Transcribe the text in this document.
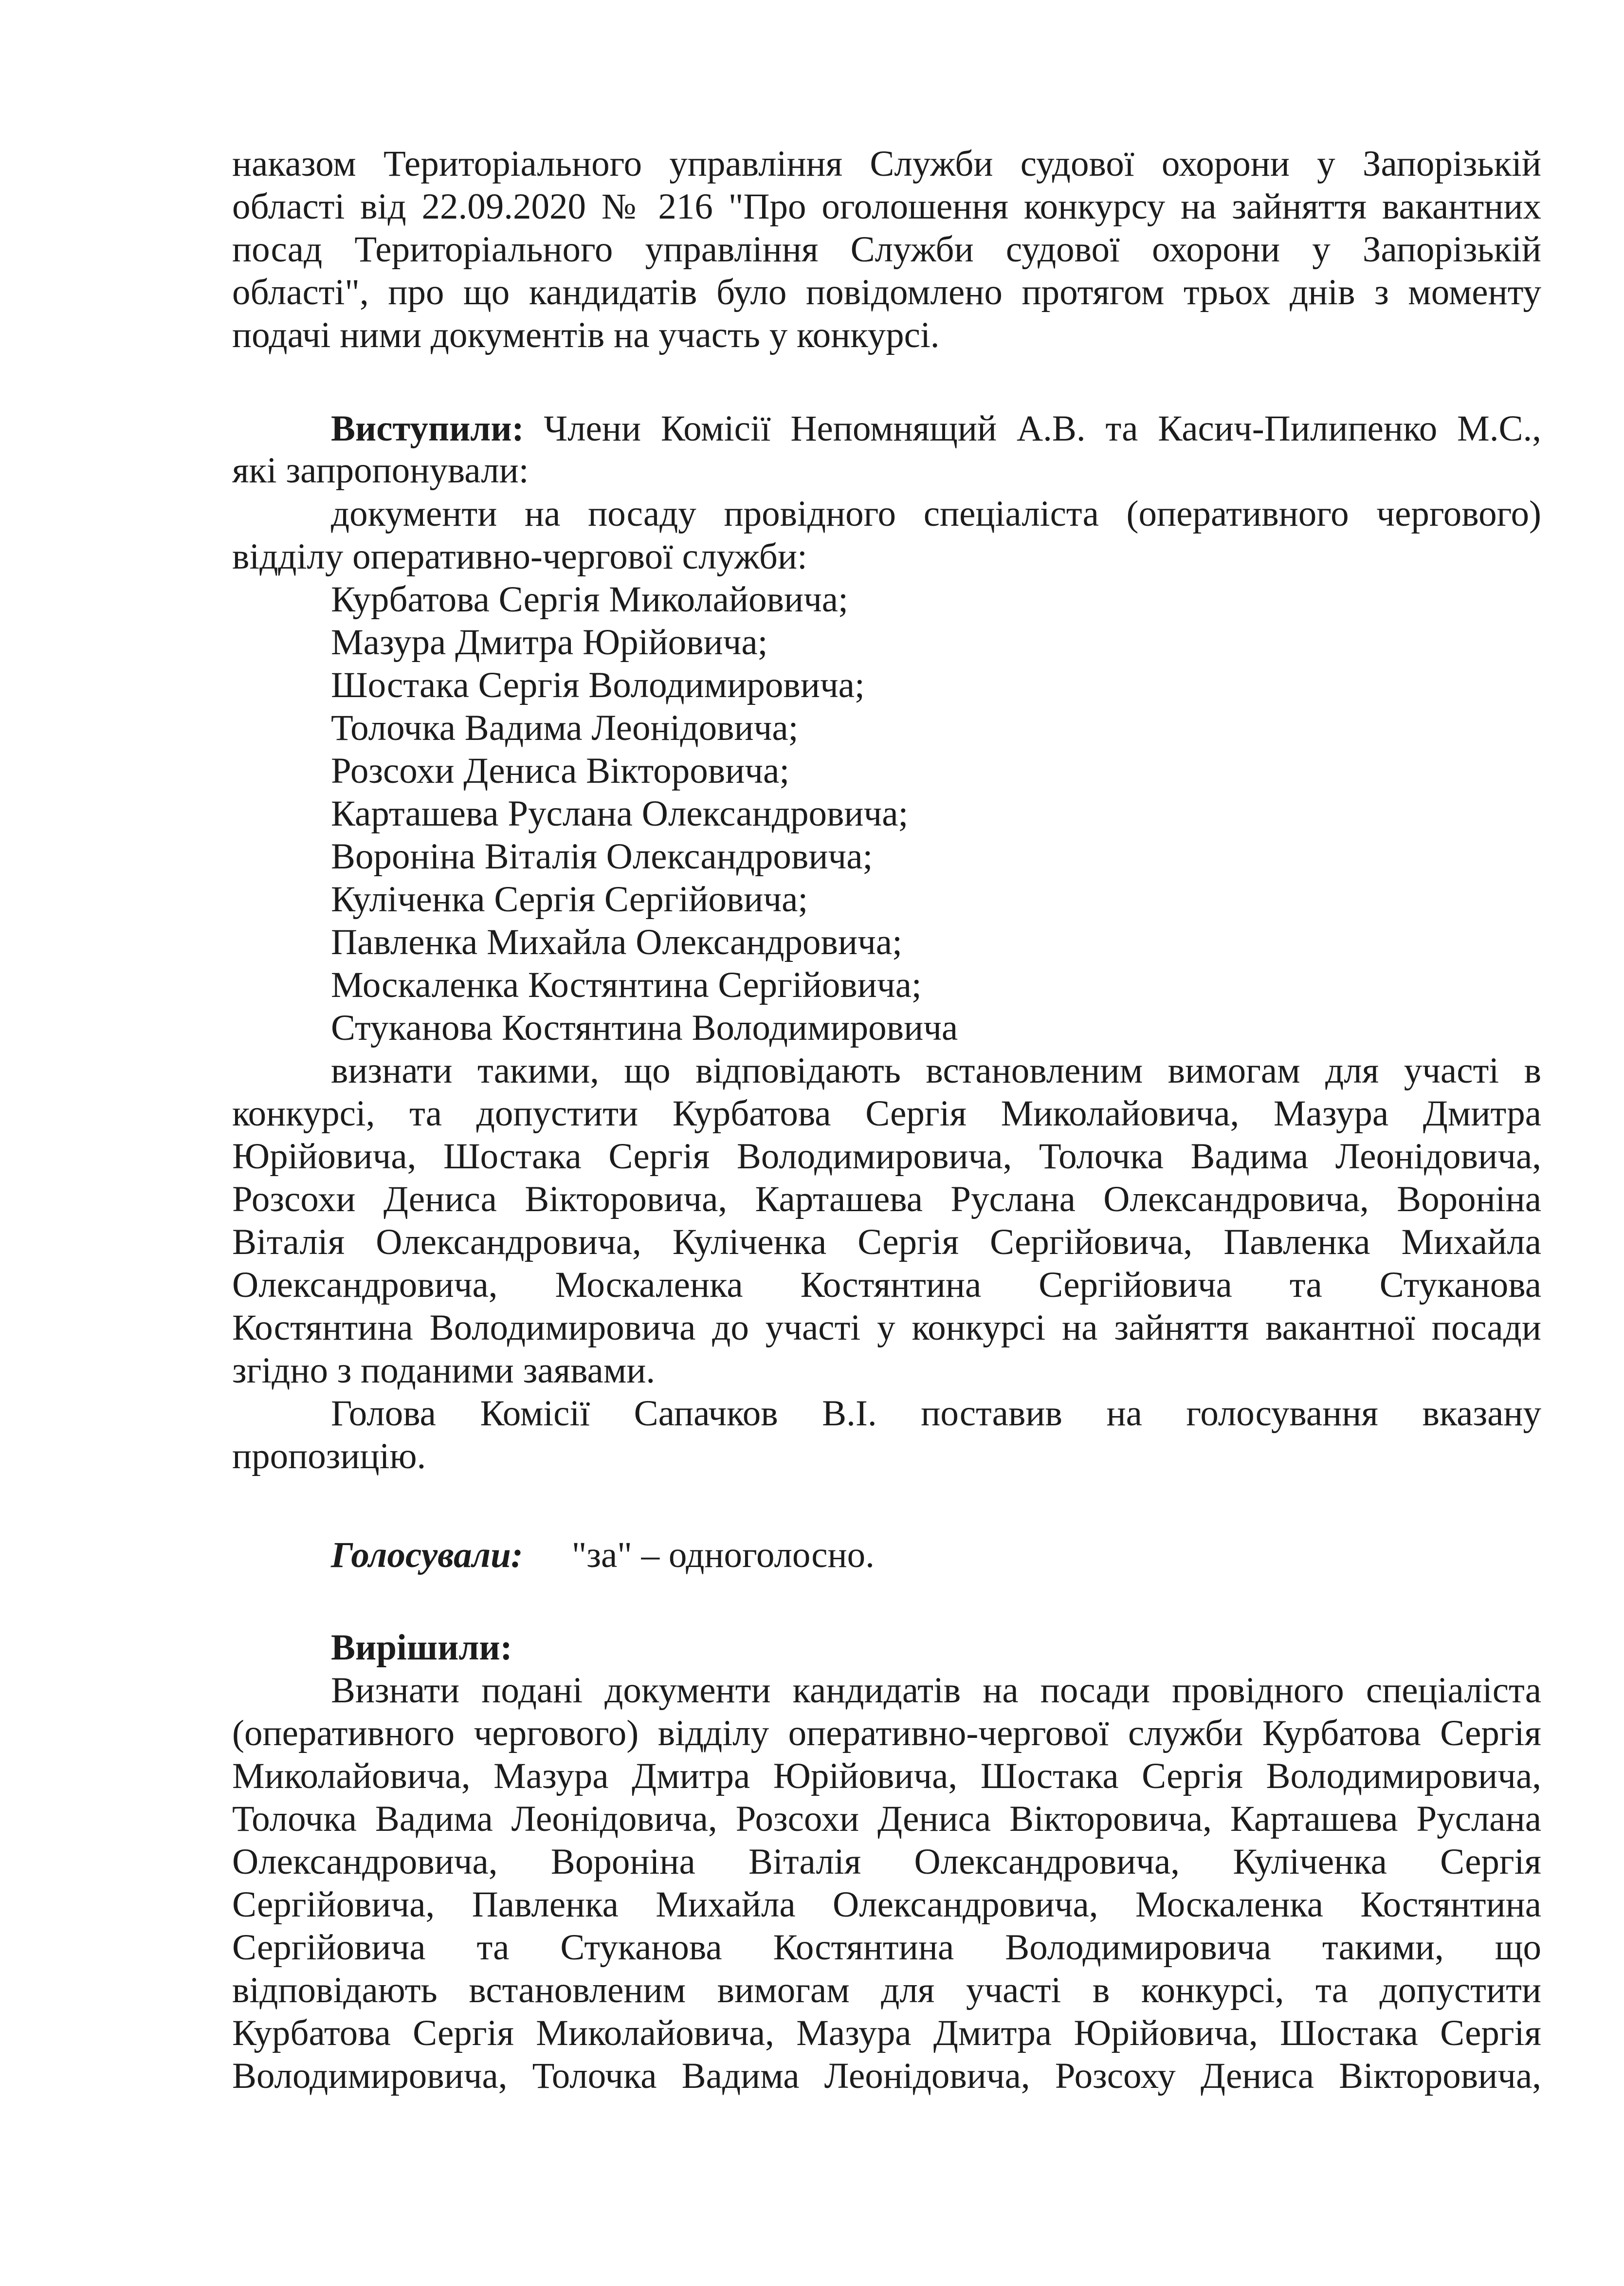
наказом Територіального управління Служби судової охорони у Запорізькій
області від 22.09.2020 № 216 "Про оголошення конкурсу на зайняття вакантних
посад Територіального управління Служби судової охорони у Запорізькій
області", про що кандидатів було повідомлено протягом трьох днів з моменту
подачі ними документів на участь у конкурсі.
Виступили: Члени Комісії Непомнящий А.В. та Касич-Пилипенко М.С.,
які запропонували:
документи на посаду провідного спеціаліста (оперативного чергового)
відділу оперативно-чергової служби:
Курбатова Сергія Миколайовича;
Мазура Дмитра Юрійовича;
Шостака Сергія Володимировича;
Толочка Вадима Леонідовича;
Розсохи Дениса Вікторовича;
Карташева Руслана Олександровича;
Вороніна Віталія Олександровича;
Куліченка Сергія Сергійовича;
Павленка Михайла Олександровича;
Москаленка Костянтина Сергійовича;
Стуканова Костянтина Володимировича
визнати такими, що відповідають встановленим вимогам для участі в
конкурсі, та допустити Курбатова Сергія Миколайовича, Мазура Дмитра
Юрійовича, Шостака Сергія Володимировича, Толочка Вадима Леонідовича,
Розсохи Дениса Вікторовича, Карташева Руслана Олександровича, Вороніна
Віталія Олександровича, Куліченка Сергія Сергійовича, Павленка Михайла
Олександровича, Москаленка Костянтина Сергійовича та Стуканова
Костянтина Володимировича до участі у конкурсі на зайняття вакантної посади
згідно з поданими заявами.
Голова Комісії Сапачков В.І. поставив на голосування вказану
пропозицію.
Голосували: "за" – одноголосно.
Вирішили:
Визнати подані документи кандидатів на посади провідного спеціаліста
(оперативного чергового) відділу оперативно-чергової служби Курбатова Сергія
Миколайовича, Мазура Дмитра Юрійовича, Шостака Сергія Володимировича,
Толочка Вадима Леонідовича, Розсохи Дениса Вікторовича, Карташева Руслана
Олександровича, Вороніна Віталія Олександровича, Куліченка Сергія
Сергійовича, Павленка Михайла Олександровича, Москаленка Костянтина
Сергійовича та Стуканова Костянтина Володимировича такими, що
відповідають встановленим вимогам для участі в конкурсі, та допустити
Курбатова Сергія Миколайовича, Мазура Дмитра Юрійовича, Шостака Сергія
Володимировича, Толочка Вадима Леонідовича, Розсоху Дениса Вікторовича,
